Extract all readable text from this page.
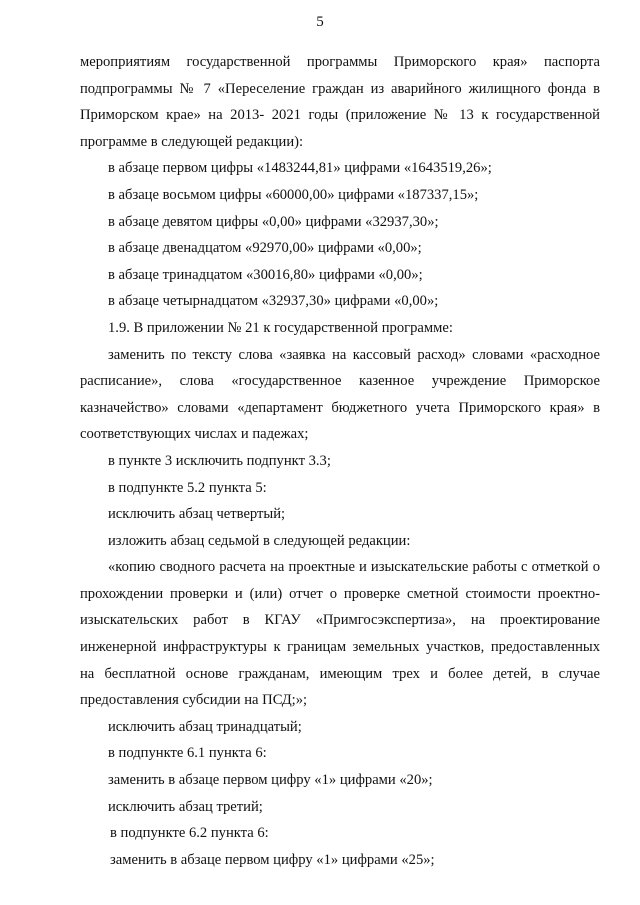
5

мероприятиям государственной программы Приморского края» паспорта подпрограммы № 7 «Переселение граждан из аварийного жилищного фонда в Приморском крае» на 2013- 2021 годы (приложение № 13 к государственной программе в следующей редакции):

в абзаце первом цифры «1483244,81» цифрами «1643519,26»;

в абзаце восьмом цифры «60000,00» цифрами «187337,15»;

в абзаце девятом цифры «0,00» цифрами «32937,30»;

в абзаце двенадцатом «92970,00» цифрами «0,00»;

в абзаце тринадцатом «30016,80» цифрами «0,00»;

в абзаце четырнадцатом «32937,30» цифрами «0,00»;

1.9. В приложении № 21 к государственной программе:

заменить по тексту слова «заявка на кассовый расход» словами «расходное расписание», слова «государственное казенное учреждение Приморское казначейство» словами «департамент бюджетного учета Приморского края» в соответствующих числах и падежах;

в пункте 3 исключить подпункт 3.3;

в подпункте 5.2 пункта 5:

исключить абзац четвертый;

изложить абзац седьмой в следующей редакции:

«копию сводного расчета на проектные и изыскательские работы с отметкой о прохождении проверки и (или) отчет о проверке сметной стоимости проектно-изыскательских работ в КГАУ «Примгосэкспертиза», на проектирование инженерной инфраструктуры к границам земельных участков, предоставленных на бесплатной основе гражданам, имеющим трех и более детей, в случае предоставления субсидии на ПСД;»;

исключить абзац тринадцатый;

в подпункте 6.1 пункта 6:

заменить в абзаце первом цифру «1» цифрами «20»;

исключить абзац третий;

в подпункте 6.2 пункта 6:

заменить в абзаце первом цифру «1» цифрами «25»;
